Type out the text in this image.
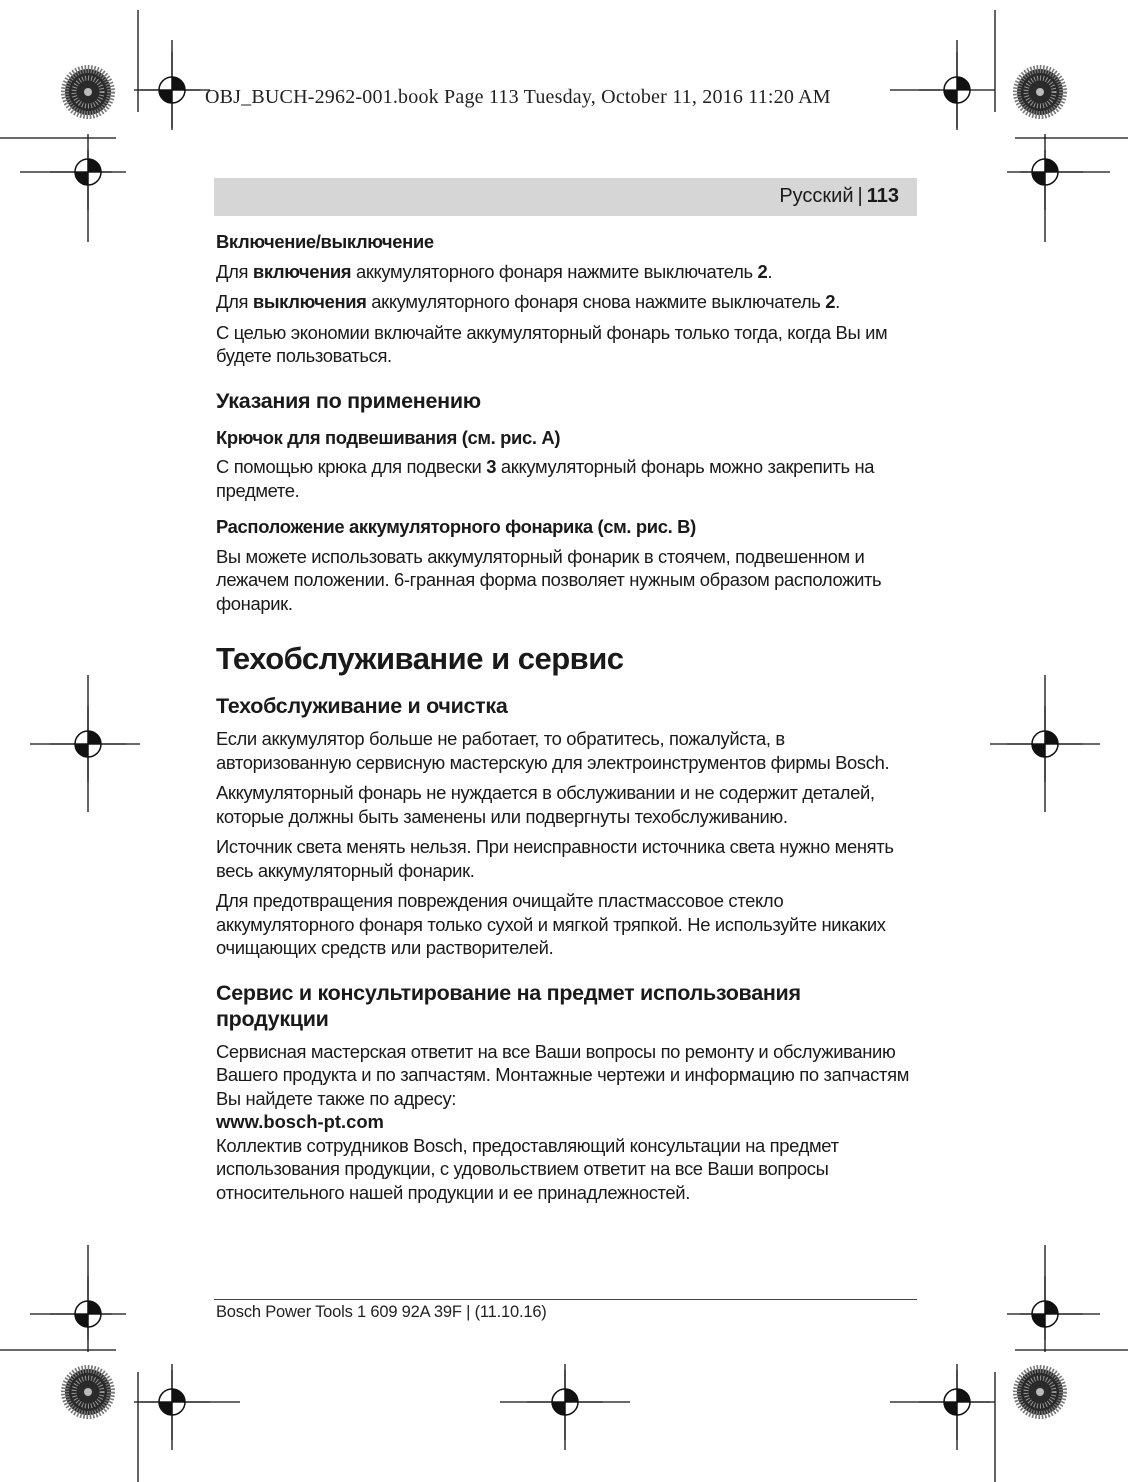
OBJ_BUCH-2962-001.book Page 113 Tuesday, October 11, 2016 11:20 AM
Русский | 113
Включение/выключение

Для включения аккумуляторного фонаря нажмите выключатель 2.

Для выключения аккумуляторного фонаря снова нажмите выключатель 2.

С целью экономии включайте аккумуляторный фонарь только тогда, когда Вы им будете пользоваться.

Указания по применению
Крючок для подвешивания (см. рис. A)

С помощью крюка для подвески 3 аккумуляторный фонарь можно закрепить на предмете.

Расположение аккумуляторного фонарика (см. рис. B)

Вы можете использовать аккумуляторный фонарик в стоячем, подвешенном и лежачем положении. 6-гранная форма позволяет нужным образом расположить фонарик.

Техобслуживание и сервис
Техобслуживание и очистка

Если аккумулятор больше не работает, то обратитесь, пожалуйста, в авторизованную сервисную мастерскую для электроинструментов фирмы Bosch.

Аккумуляторный фонарь не нуждается в обслуживании и не содержит деталей, которые должны быть заменены или подвергнуты техобслуживанию.

Источник света менять нельзя. При неисправности источника света нужно менять весь аккумуляторный фонарик.

Для предотвращения повреждения очищайте пластмассовое стекло аккумуляторного фонаря только сухой и мягкой тряпкой. Не используйте никаких очищающих средств или растворителей.

Сервис и консультирование на предмет использования продукции

Сервисная мастерская ответит на все Ваши вопросы по ремонту и обслуживанию Вашего продукта и по запчастям. Монтажные чертежи и информацию по запчастям Вы найдете также по адресу:

www.bosch-pt.com

Коллектив сотрудников Bosch, предоставляющий консультации на предмет использования продукции, с удовольствием ответит на все Ваши вопросы относительного нашей продукции и ее принадлежностей.

Bosch Power Tools 1 609 92A 39F | (11.10.16)
